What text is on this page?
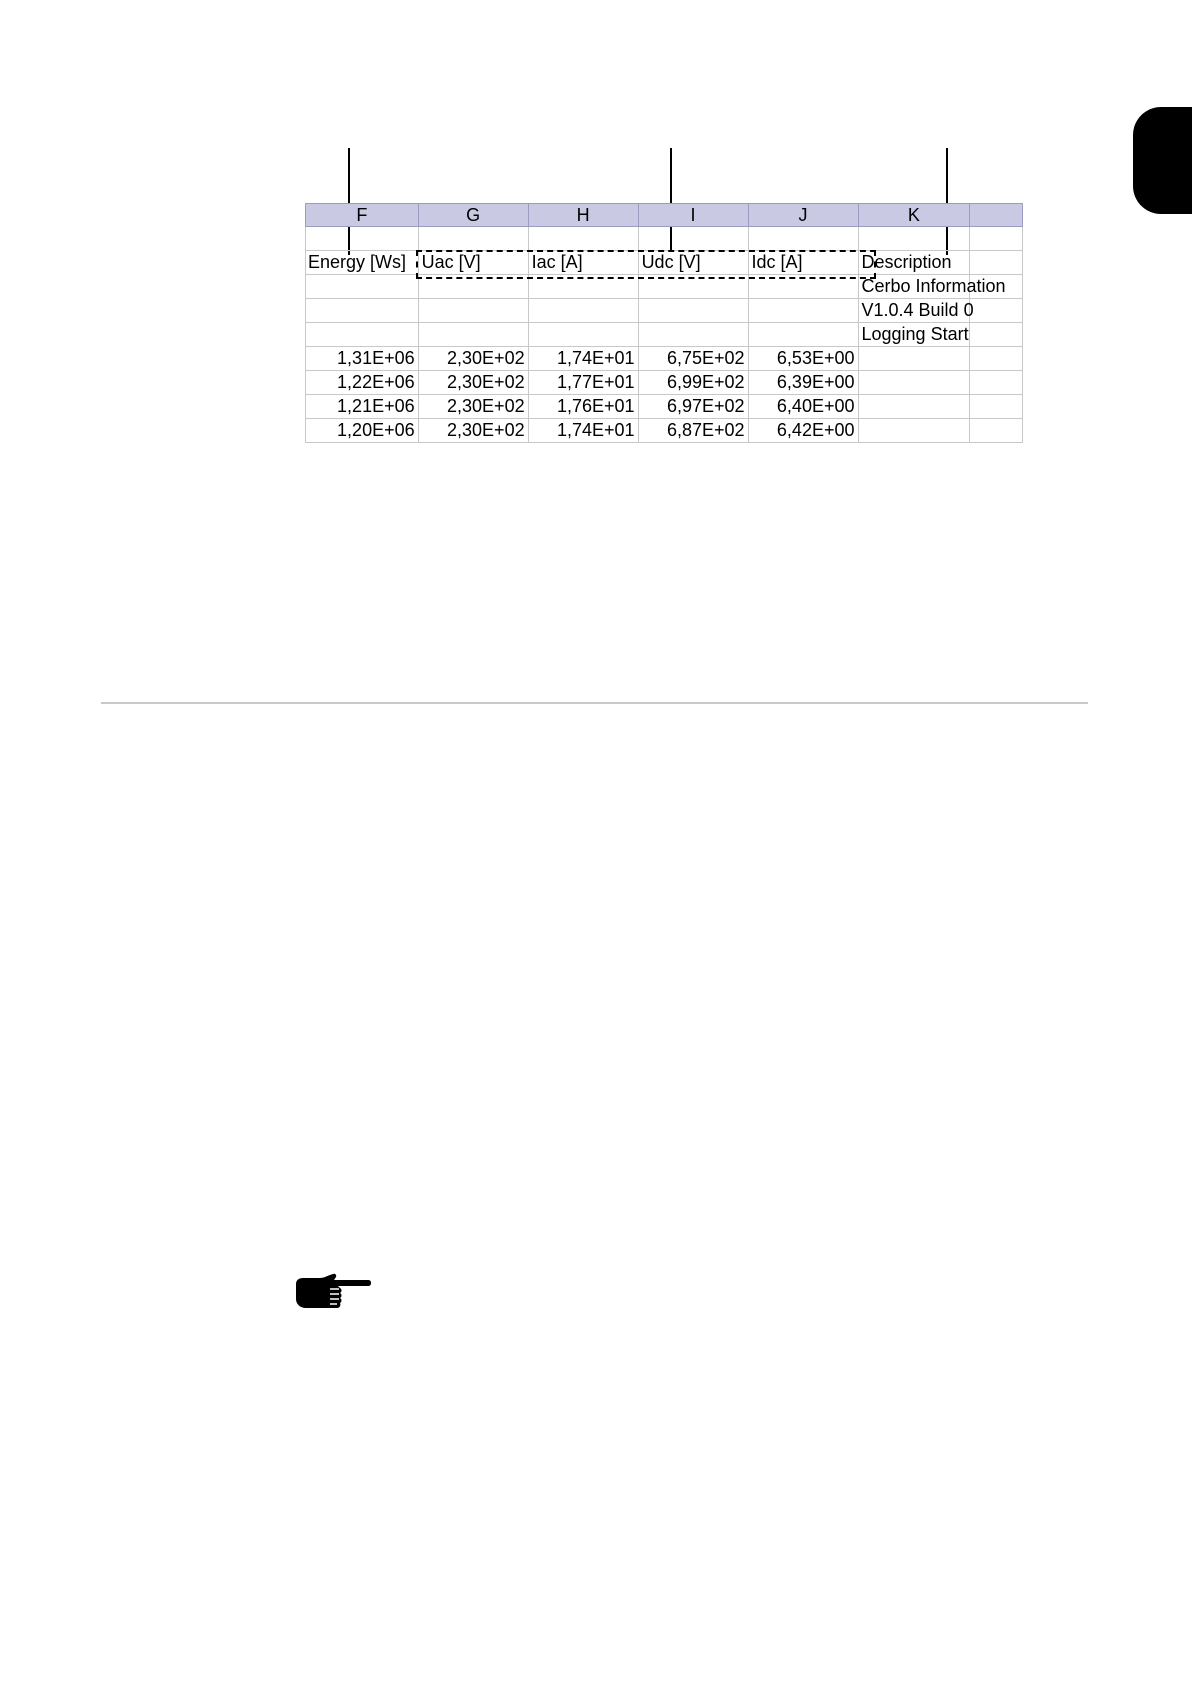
F	G	H	I	J	K	

Energy [Ws]	Uac [V]	Iac [A]	Udc [V]	Idc [A]	Description	

					Cerbo Information	

					V1.0.4 Build 0	

					Logging Start	

1,31E+06	2,30E+02	1,74E+01	6,75E+02	6,53E+00		
1,22E+06	2,30E+02	1,77E+01	6,99E+02	6,39E+00		
1,21E+06	2,30E+02	1,76E+01	6,97E+02	6,40E+00		
1,20E+06	2,30E+02	1,74E+01	6,87E+02	6,42E+00		
